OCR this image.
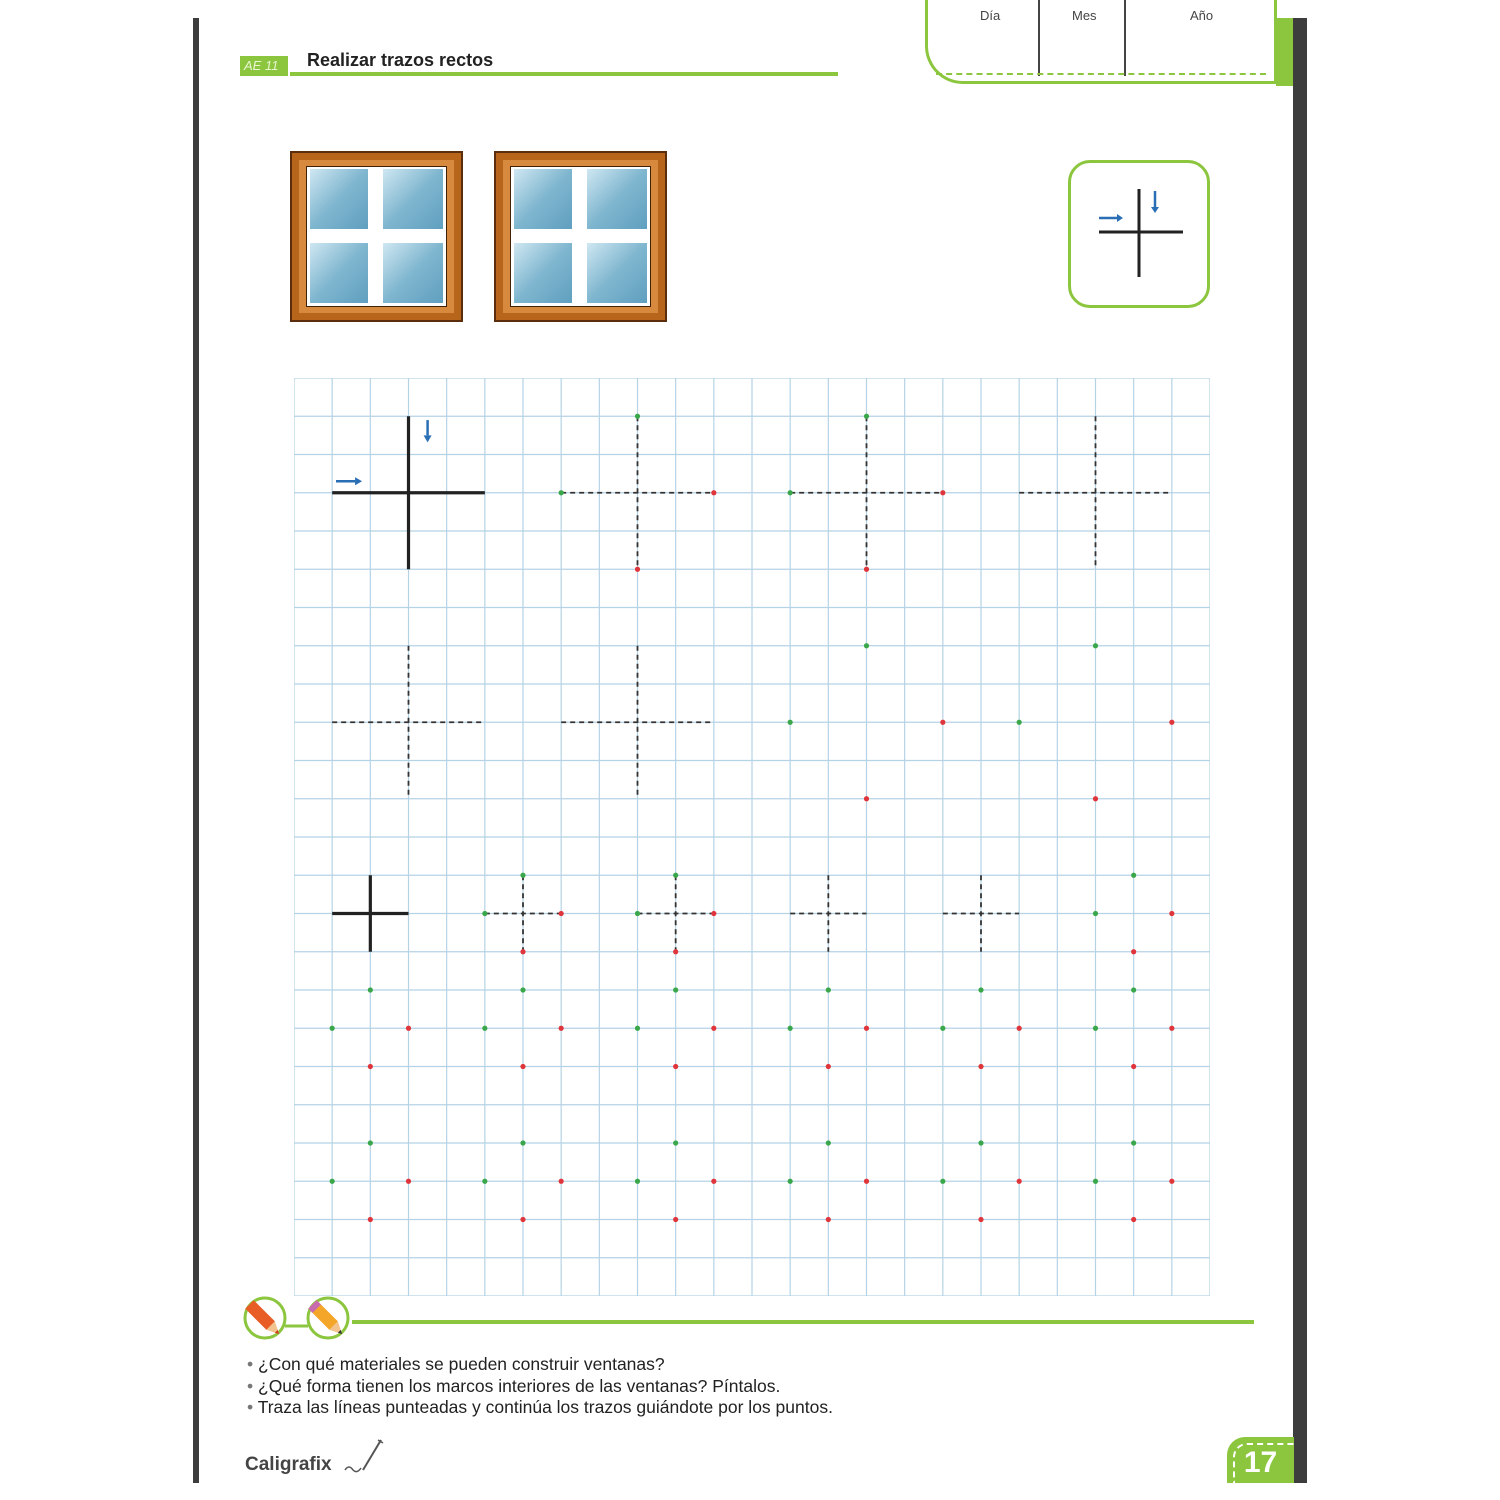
AE 11	Realizar trazos rectos
Día	Mes	Año
• ¿Con qué materiales se pueden construir ventanas?
• ¿Qué forma tienen los marcos interiores de las ventanas? Píntalos.
• Traza las líneas punteadas y continúa los trazos guiándote por los puntos.
Caligrafix	17
